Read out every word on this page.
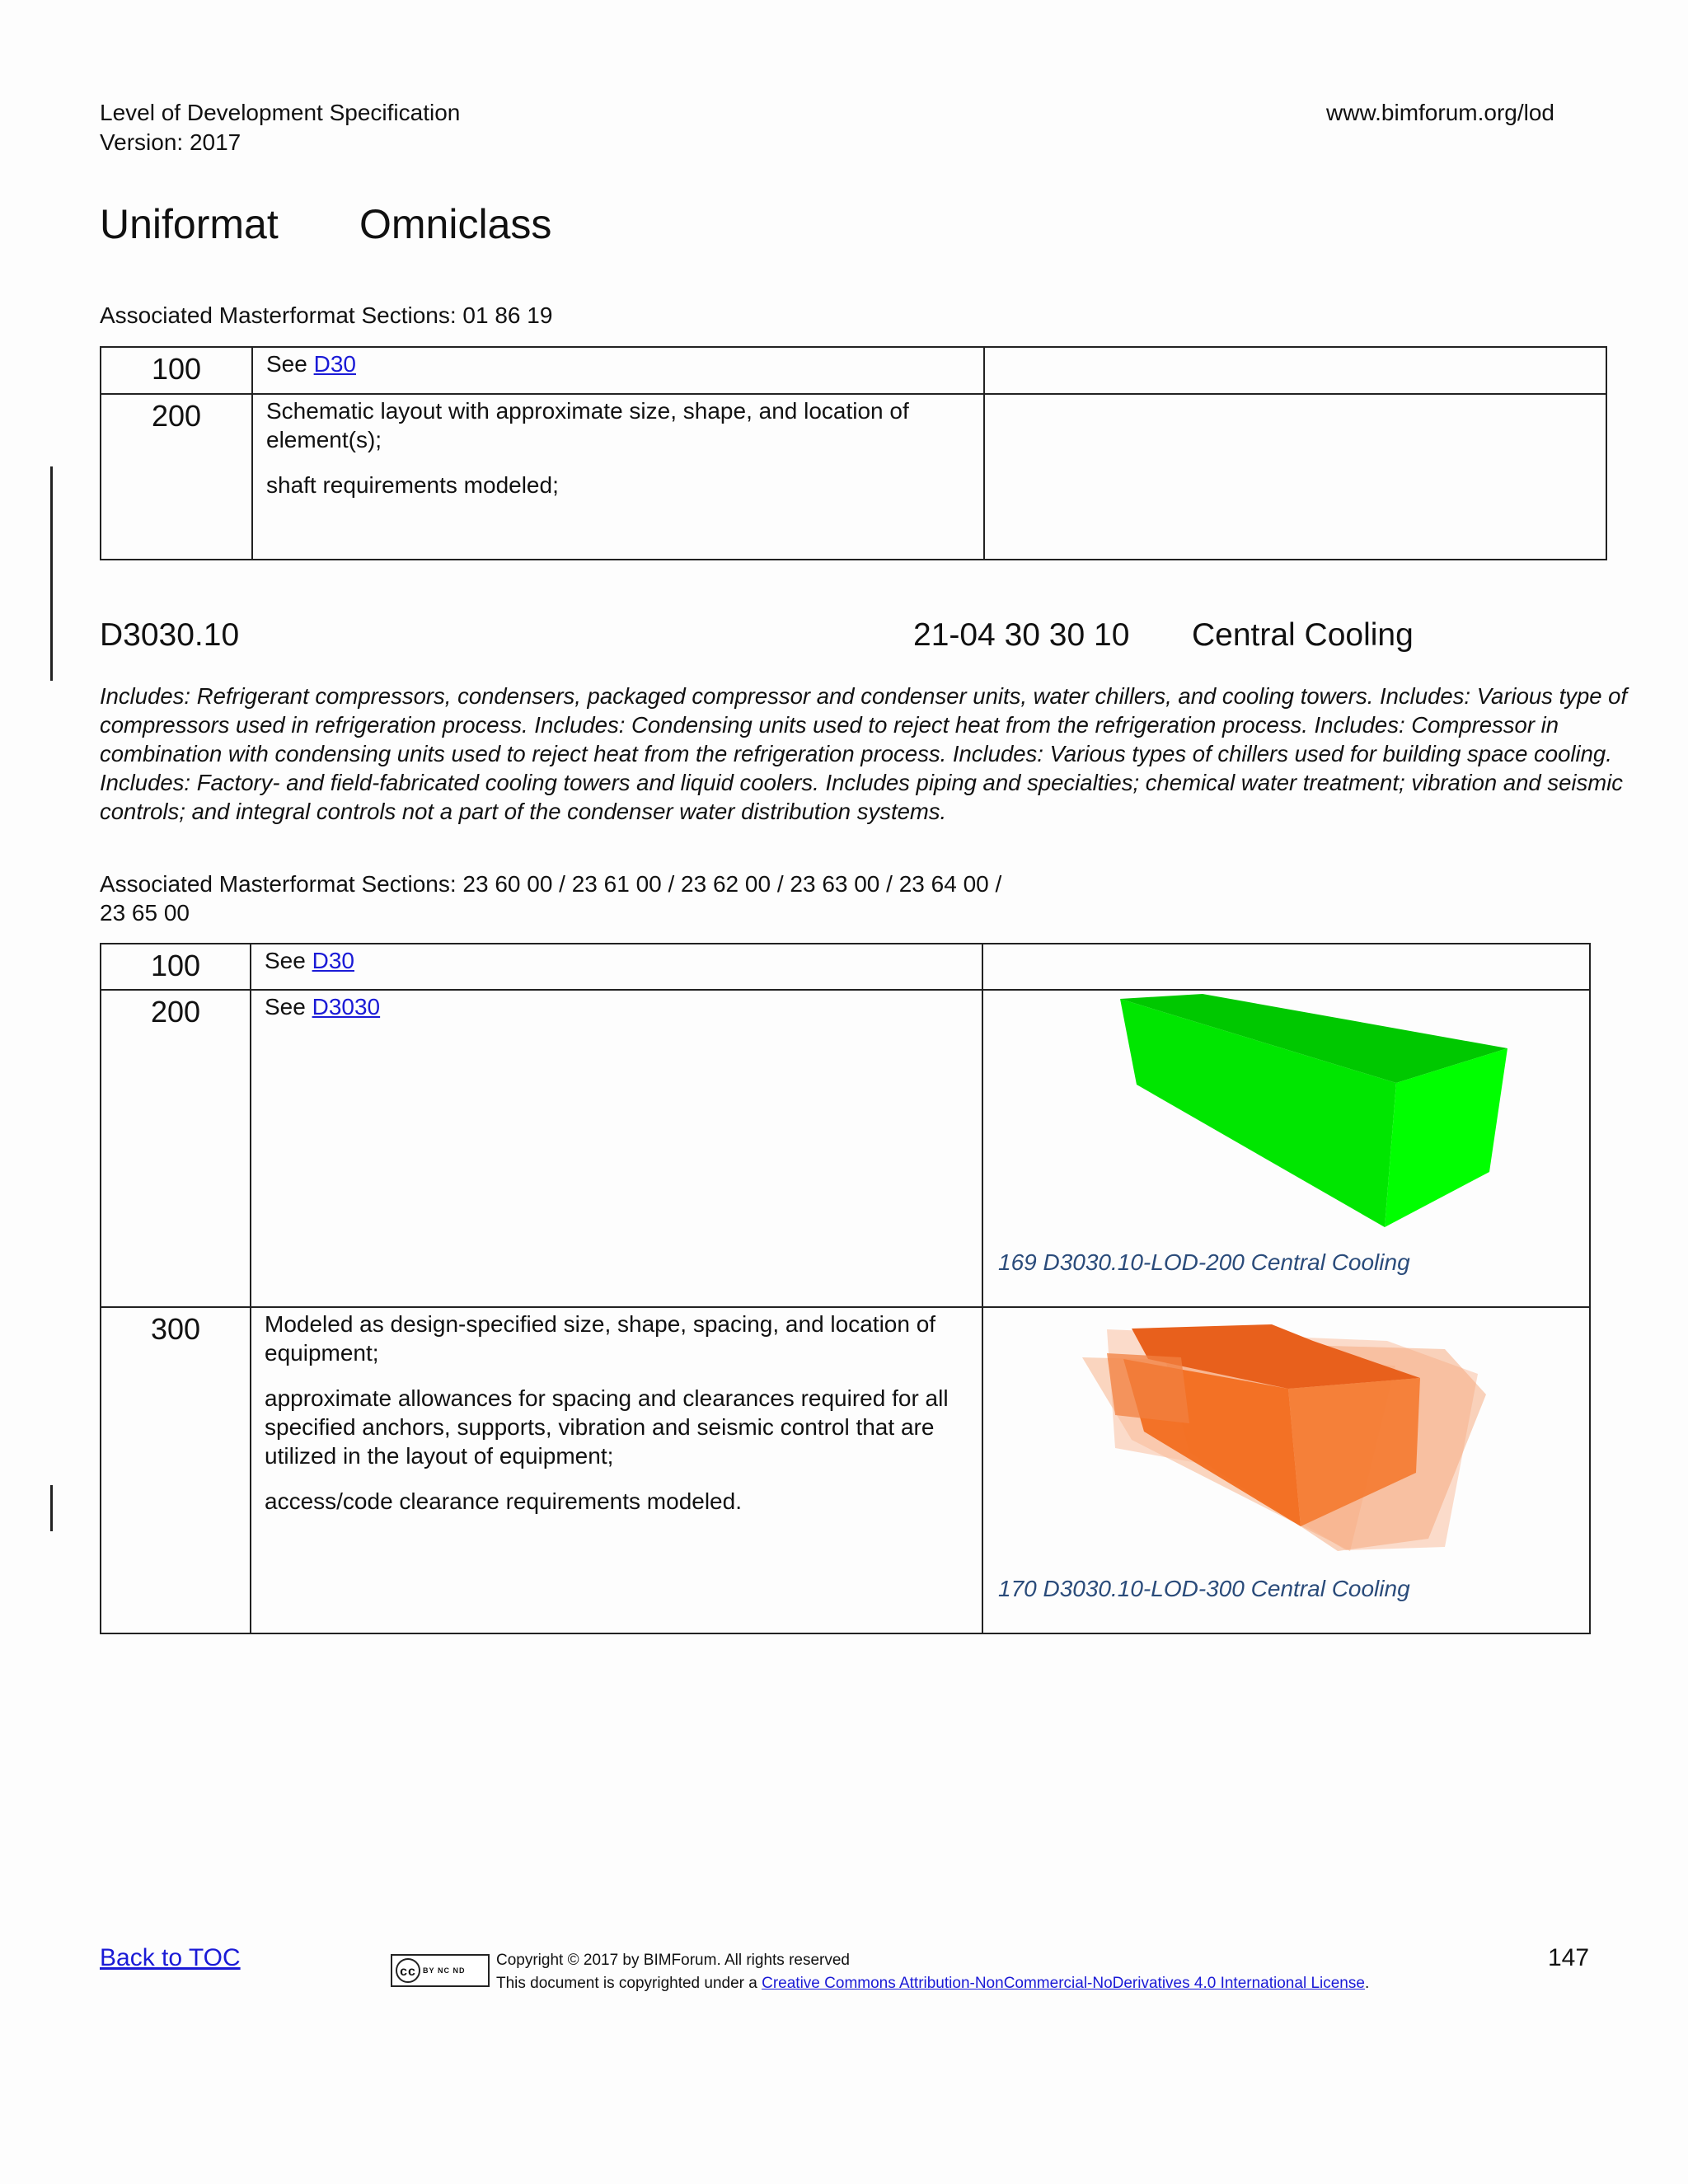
Level of Development Specification
Version: 2017
www.bimforum.org/lod
Uniformat Omniclass
Associated Masterformat Sections: 01 86 19
100	See D30	
200	Schematic layout with approximate size, shape, and location of element(s);

shaft requirements modeled;	

D3030.10	21-04 30 30 10 Central Cooling
Includes: Refrigerant compressors, condensers, packaged compressor and condenser units, water chillers, and cooling towers. Includes: Various type of compressors used in refrigeration process. Includes: Condensing units used to reject heat from the refrigeration process. Includes: Compressor in combination with condensing units used to reject heat from the refrigeration process. Includes: Various types of chillers used for building space cooling. Includes: Factory- and field-fabricated cooling towers and liquid coolers. Includes piping and specialties; chemical water treatment; vibration and seismic controls; and integral controls not a part of the condenser water distribution systems.
Associated Masterformat Sections: 23 60 00 / 23 61 00 / 23 62 00 / 23 63 00 / 23 64 00 /
23 65 00
100	See D30	
200	See D3030	169 D3030.10-LOD-200 Central Cooling

300	Modeled as design-specified size, shape, spacing, and location of equipment;

approximate allowances for spacing and clearances required for all specified anchors, supports, vibration and seismic control that are utilized in the layout of equipment;

access/code clearance requirements modeled.	170 D3030.10-LOD-300 Central Cooling
Back to TOC
cc BY
NC
ND
Copyright © 2017 by BIMForum. All rights reserved
This document is copyrighted under a Creative Commons Attribution-NonCommercial-NoDerivatives 4.0 International License.
147
